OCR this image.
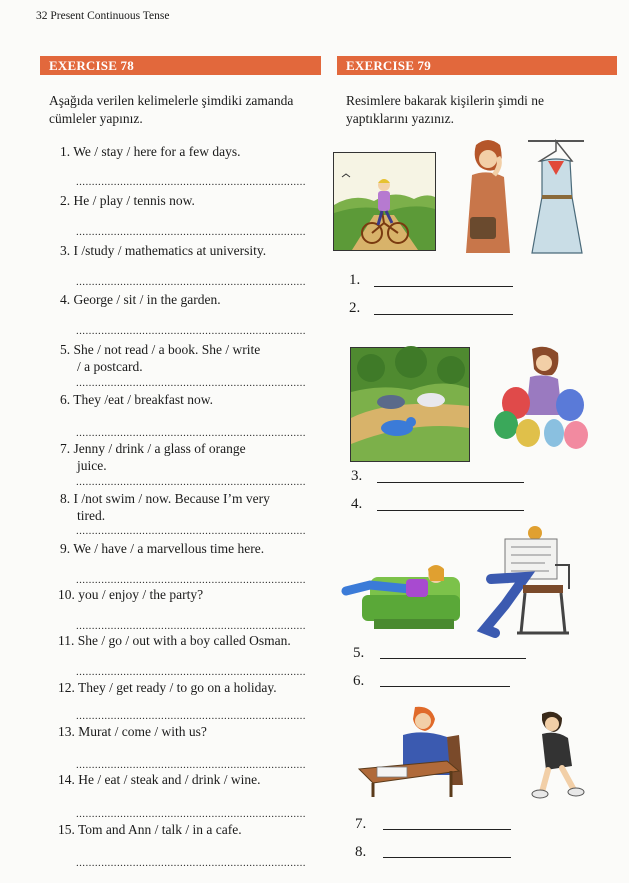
32 Present Continuous Tense
EXERCISE 78	EXERCISE 79
Aşağıda verilen kelimelerle şimdiki zamanda
cümleler yapınız.
Resimlere bakarak kişilerin şimdi ne
yaptıklarını yazınız.
1. We / stay / here for a few days.
.........................................................................
2. He / play / tennis now.
.........................................................................
3. I /study / mathematics at university.
.........................................................................
4. George / sit / in the garden.
.........................................................................
5. She / not read / a book. She / write
/ a postcard.
.........................................................................
6. They /eat / breakfast now.
.........................................................................
7. Jenny / drink / a glass of orange
juice.
.........................................................................
8. I /not swim / now. Because I’m very
tired.
.........................................................................
9. We / have / a marvellous time here.
.........................................................................
10. you / enjoy / the party?
.........................................................................
11. She / go / out with a boy called Osman.
.........................................................................
12. They / get ready / to go on a holiday.
.........................................................................
13. Murat / come / with us?
.........................................................................
14. He / eat / steak and / drink / wine.
.........................................................................
15. Tom and Ann / talk / in a cafe.
.........................................................................
1.
2.
3.
4.
5.
6.
7.
8.
